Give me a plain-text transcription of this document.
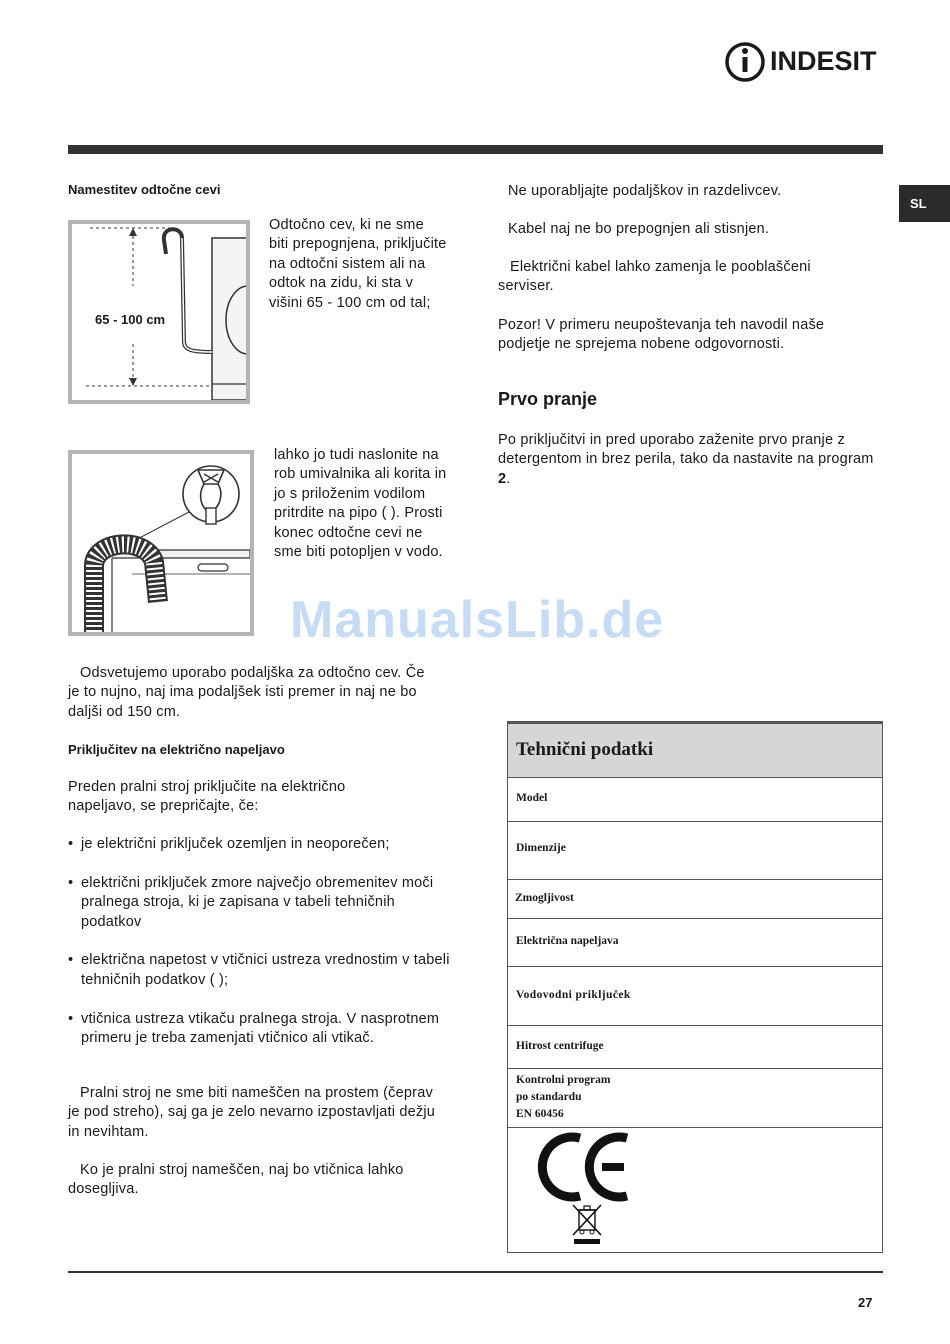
INDESIT
SL
Namestitev odtočne cevi
65 - 100 cm
Odtočno cev, ki ne sme biti prepognjena, priključite na odtočni sistem ali na odtok na zidu, ki sta v višini 65 - 100 cm od tal;
lahko jo tudi naslonite na rob umivalnika ali korita in jo s priloženim vodilom pritrdite na pipo ( ). Prosti konec odtočne cevi ne sme biti potopljen v vodo.
ManualsLib.de
Odsvetujemo uporabo podaljška za odtočno cev. Če je to nujno, naj ima podaljšek isti premer in naj ne bo daljši od 150 cm.
Priključitev na električno napeljavo
Preden pralni stroj priključite na električno napeljavo, se prepričajte, če:
• je električni priključek ozemljen in neoporečen;
• električni priključek zmore največjo obremenitev moči pralnega stroja, ki je zapisana v tabeli tehničnih podatkov
• električna napetost v vtičnici ustreza vrednostim v tabeli tehničnih podatkov ( );
• vtičnica ustreza vtikaču pralnega stroja. V nasprotnem primeru je treba zamenjati vtičnico ali vtikač.
Pralni stroj ne sme biti nameščen na prostem (čeprav je pod streho), saj ga je zelo nevarno izpostavljati dežju in nevihtam.
Ko je pralni stroj nameščen, naj bo vtičnica lahko dosegljiva.
Ne uporabljajte podaljškov in razdelivcev.
Kabel naj ne bo prepognjen ali stisnjen.
Električni kabel lahko zamenja le pooblaščeni serviser.
Pozor! V primeru neupoštevanja teh navodil naše podjetje ne sprejema nobene odgovornosti.
Prvo pranje
Po priključitvi in pred uporabo zaženite prvo pranje z detergentom in brez perila, tako da nastavite na program 2.
Tehnični podatki
Model
Dimenzije
Zmogljivost
Električna napeljava
Vodovodni priključek
Hitrost centrifuge
Kontrolni program
po standardu
EN 60456
27
